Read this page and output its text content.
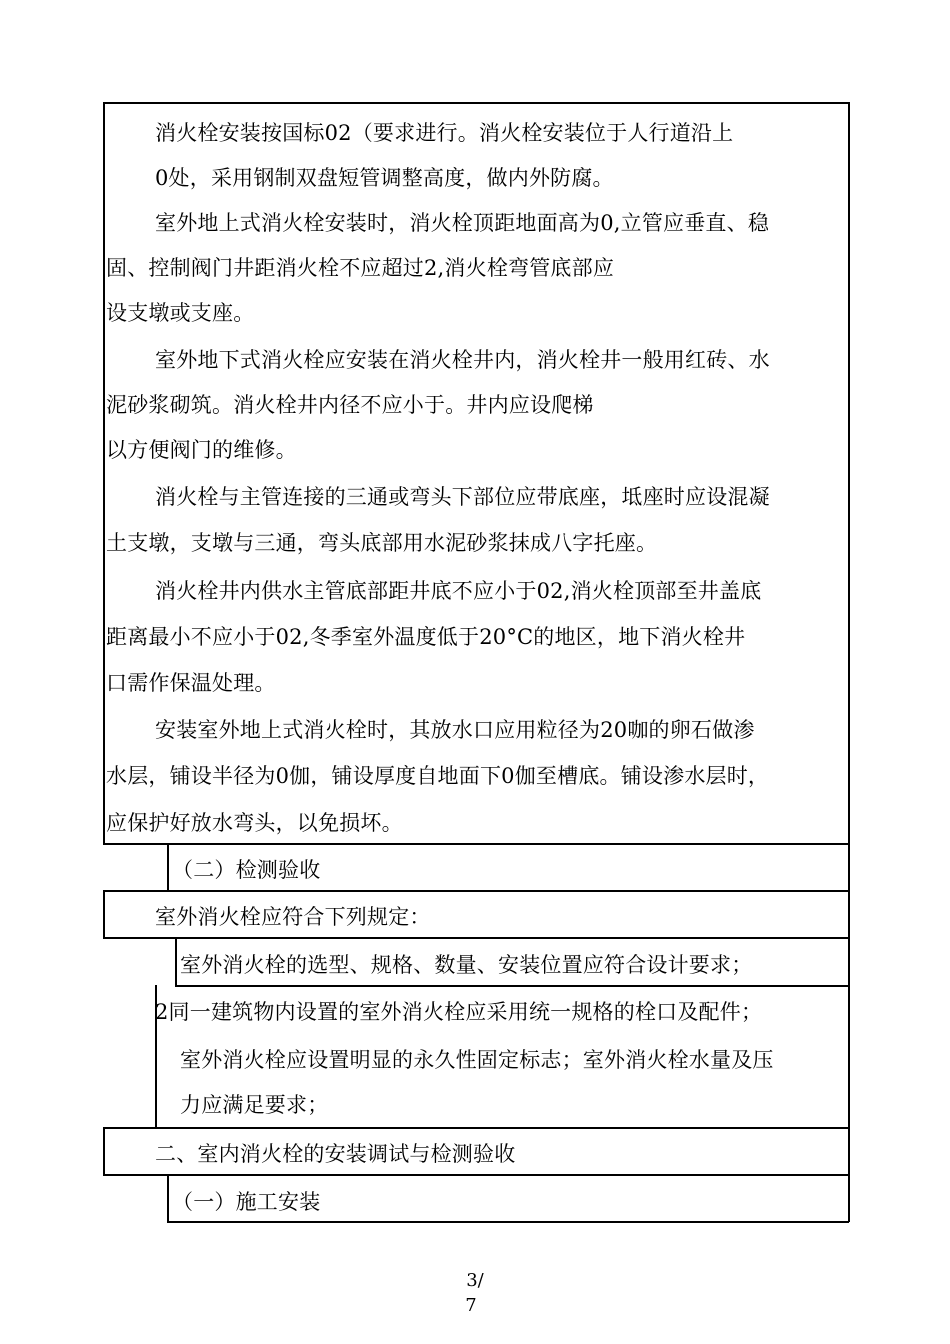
消火栓安装按国标02（要求进行。消火栓安装位于人行道沿上
0处，采用钢制双盘短管调整高度，做内外防腐。
室外地上式消火栓安装时，消火栓顶距地面高为0,立管应垂直、稳
固、控制阀门井距消火栓不应超过2,消火栓弯管底部应
设支墩或支座。
室外地下式消火栓应安装在消火栓井内，消火栓井一般用红砖、水
泥砂浆砌筑。消火栓井内径不应小于。井内应设爬梯
以方便阀门的维修。
消火栓与主管连接的三通或弯头下部位应带底座，坻座时应设混凝
土支墩，支墩与三通，弯头底部用水泥砂浆抹成八字托座。
消火栓井内供水主管底部距井底不应小于02,消火栓顶部至井盖底
距离最小不应小于02,冬季室外温度低于20°C的地区，地下消火栓井
口需作保温处理。
安装室外地上式消火栓时，其放水口应用粒径为20咖的卵石做渗
水层，铺设半径为0伽，铺设厚度自地面下0伽至槽底。铺设渗水层时，
应保护好放水弯头，以免损坏。
（二）检测验收
室外消火栓应符合下列规定：
室外消火栓的选型、规格、数量、安装位置应符合设计要求；
2同一建筑物内设置的室外消火栓应采用统一规格的栓口及配件；
室外消火栓应设置明显的永久性固定标志；室外消火栓水量及压
力应满足要求；
二、室内消火栓的安装调试与检测验收
（一）施工安装
3/
7
